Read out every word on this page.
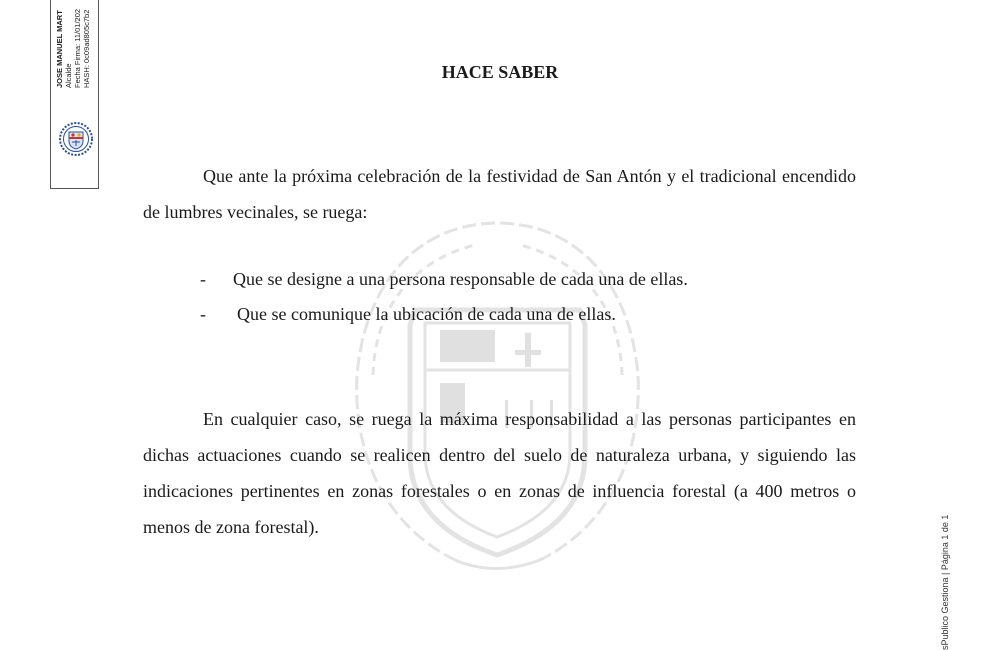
JOSE MANUEL MART Alcalde Fecha Firma: 11/01/202 HASH: 0c09ad805c7b2
sPublico Gestiona | Página 1 de 1
HACE SABER

Que ante la próxima celebración de la festividad de San Antón y el tradicional encendido de lumbres vecinales, se ruega:

-	Que se designe a una persona responsable de cada una de ellas.
-	Que se comunique la ubicación de cada una de ellas.

En cualquier caso, se ruega la máxima responsabilidad a las personas participantes en dichas actuaciones cuando se realicen dentro del suelo de naturaleza urbana, y siguiendo las indicaciones pertinentes en zonas forestales o en zonas de influencia forestal (a 400 metros o menos de zona forestal).
